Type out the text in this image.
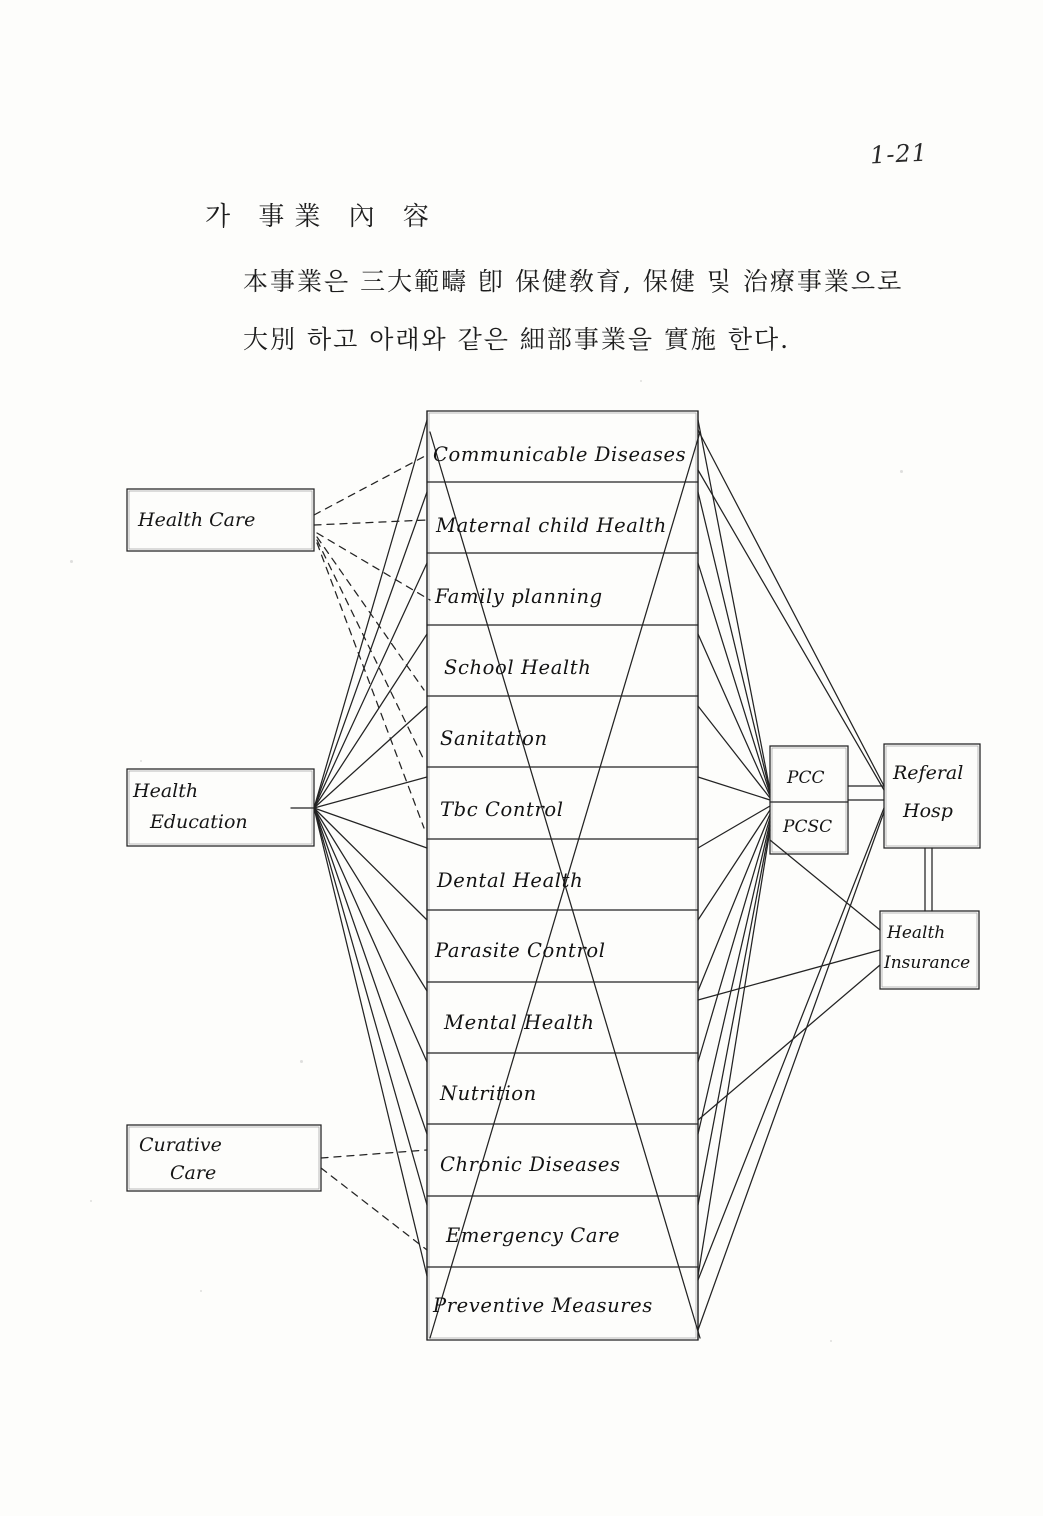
1-21
가 事業 內 容
本事業은 三大範疇 卽 保健敎育, 保健 및 治療事業으로
大別 하고 아래와 같은 細部事業을 實施 한다.
Health Care
Health
Education
Curative
Care
Communicable Diseases
Maternal child Health
Family planning
School Health
Sanitation
Tbc Control
Dental Health
Parasite Control
Mental Health
Nutrition
Chronic Diseases
Emergency Care
Preventive Measures
PCC
PCSC
Referal
Hosp
Health
Insurance
